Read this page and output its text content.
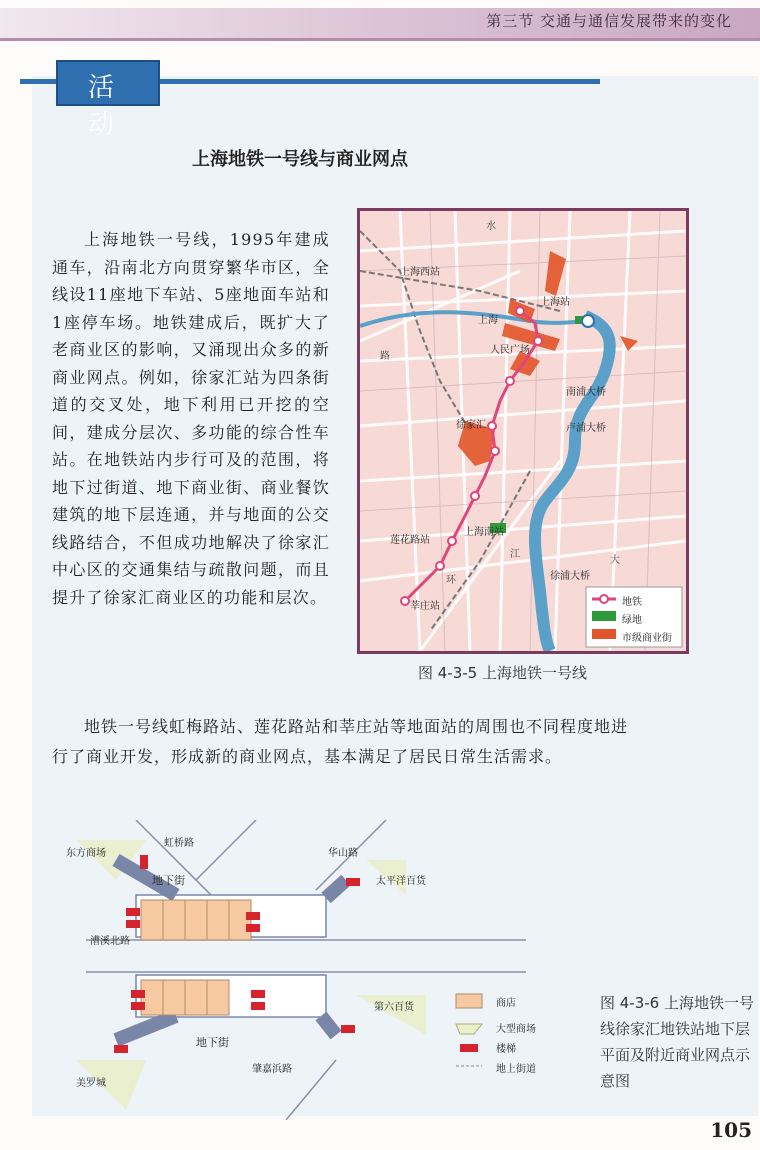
第三节 交通与通信发展带来的变化
活 动
上海地铁一号线与商业网点
上海地铁一号线，1995年建成通车，沿南北方向贯穿繁华市区，全线设11座地下车站、5座地面车站和1座停车场。地铁建成后，既扩大了老商业区的影响，又涌现出众多的新商业网点。例如，徐家汇站为四条街道的交叉处，地下利用已开挖的空间，建成分层次、多功能的综合性车站。在地铁站内步行可及的范围，将地下过街道、地下商业街、商业餐饮建筑的地下层连通，并与地面的公交线路结合，不但成功地解决了徐家汇中心区的交通集结与疏散问题，而且提升了徐家汇商业区的功能和层次。
上海西站
上海站
上海
人民广场
徐家汇
南浦大桥
卢浦大桥
上海南站
莲花路站
莘庄站
徐浦大桥
水
路
江
环
大
地铁
绿地
市级商业街
图 4-3-5 上海地铁一号线
地铁一号线虹梅路站、莲花路站和莘庄站等地面站的周围也不同程度地进行了商业开发，形成新的商业网点，基本满足了居民日常生活需求。
东方商场
虹桥路
华山路
太平洋百货
地下街
漕溪北路
第六百货
地下街
肇嘉浜路
美罗城
商店
大型商场
楼梯
地上街道
图 4-3-6 上海地铁一号线徐家汇地铁站地下层平面及附近商业网点示意图
105
